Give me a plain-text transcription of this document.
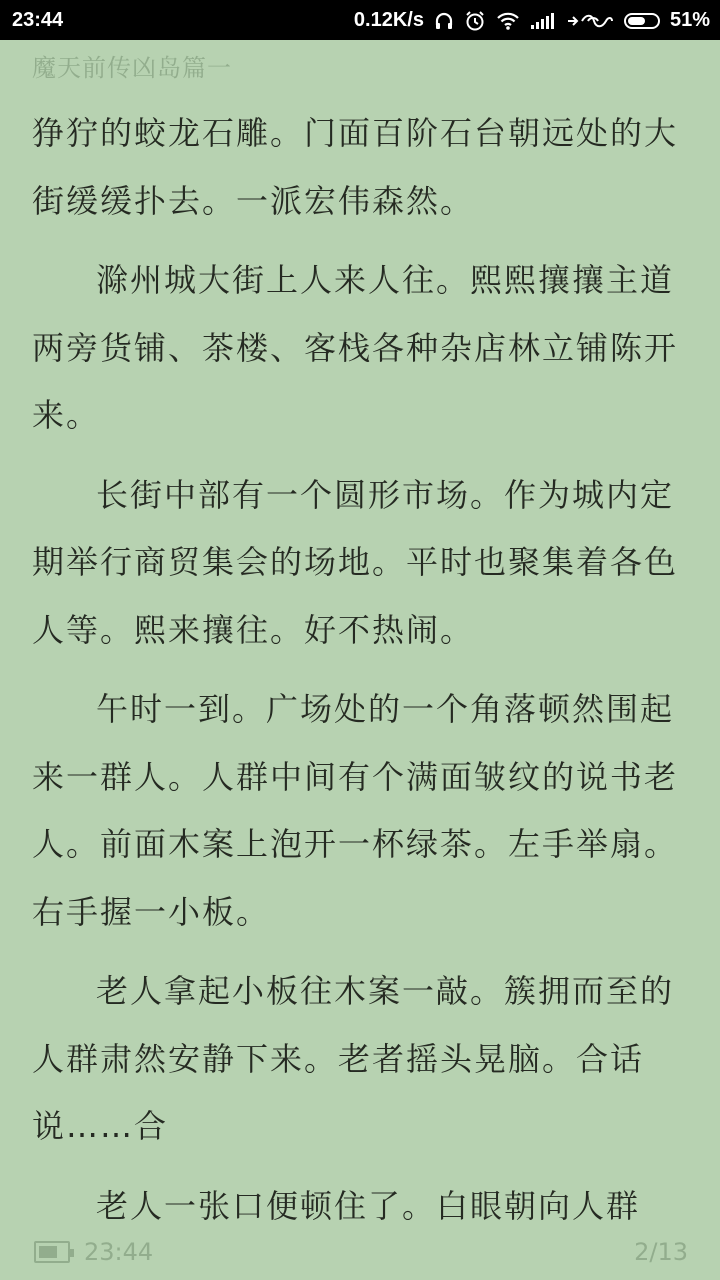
23:44	0.12K/s	51%
魔天前传凶岛篇一

狰狞的蛟龙石雕。门面百阶石台朝远处的大街缓缓扑去。一派宏伟森然。

滁州城大街上人来人往。熙熙攘攘主道两旁货铺、茶楼、客栈各种杂店林立铺陈开来。

长街中部有一个圆形市场。作为城内定期举行商贸集会的场地。平时也聚集着各色人等。熙来攘往。好不热闹。

午时一到。广场处的一个角落顿然围起来一群人。人群中间有个满面皱纹的说书老人。前面木案上泡开一杯绿茶。左手举扇。右手握一小板。

老人拿起小板往木案一敲。簇拥而至的人群肃然安静下来。老者摇头晃脑。合话说……合

老人一张口便顿住了。白眼朝向人群

23:44	2/13
